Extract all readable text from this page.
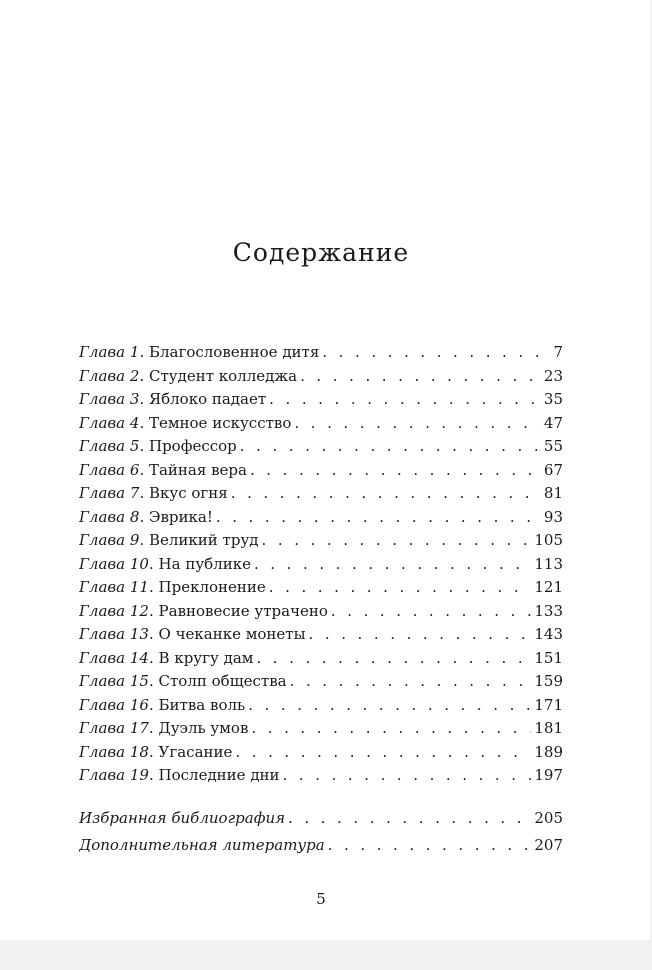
Содержание
Глава 1 . Благословенное дитя . . .	7
Глава 2 . Студент колледжа . . .	23
Глава 3 . Яблоко падает . . .	35
Глава 4 . Темное искусство . . .	47
Глава 5 . Профессор . . .	55
Глава 6 . Тайная вера . . .	67
Глава 7 . Вкус огня . . .	81
Глава 8 . Эврика! . . .	93
Глава 9 . Великий труд . . .	105
Глава 10 . На публике . . .	113
Глава 11 . Преклонение . . .	121
Глава 12 . Равновесие утрачено . . .	133
Глава 13 . О чеканке монеты . . .	143
Глава 14 . В кругу дам . . .	151
Глава 15 . Столп общества . . .	159
Глава 16 . Битва воль . . .	171
Глава 17 . Дуэль умов . . .	181
Глава 18 . Угасание . . .	189
Глава 19 . Последние дни . . .	197
Избранная библиография . . .	205
Дополнительная литература . . .	207
5
